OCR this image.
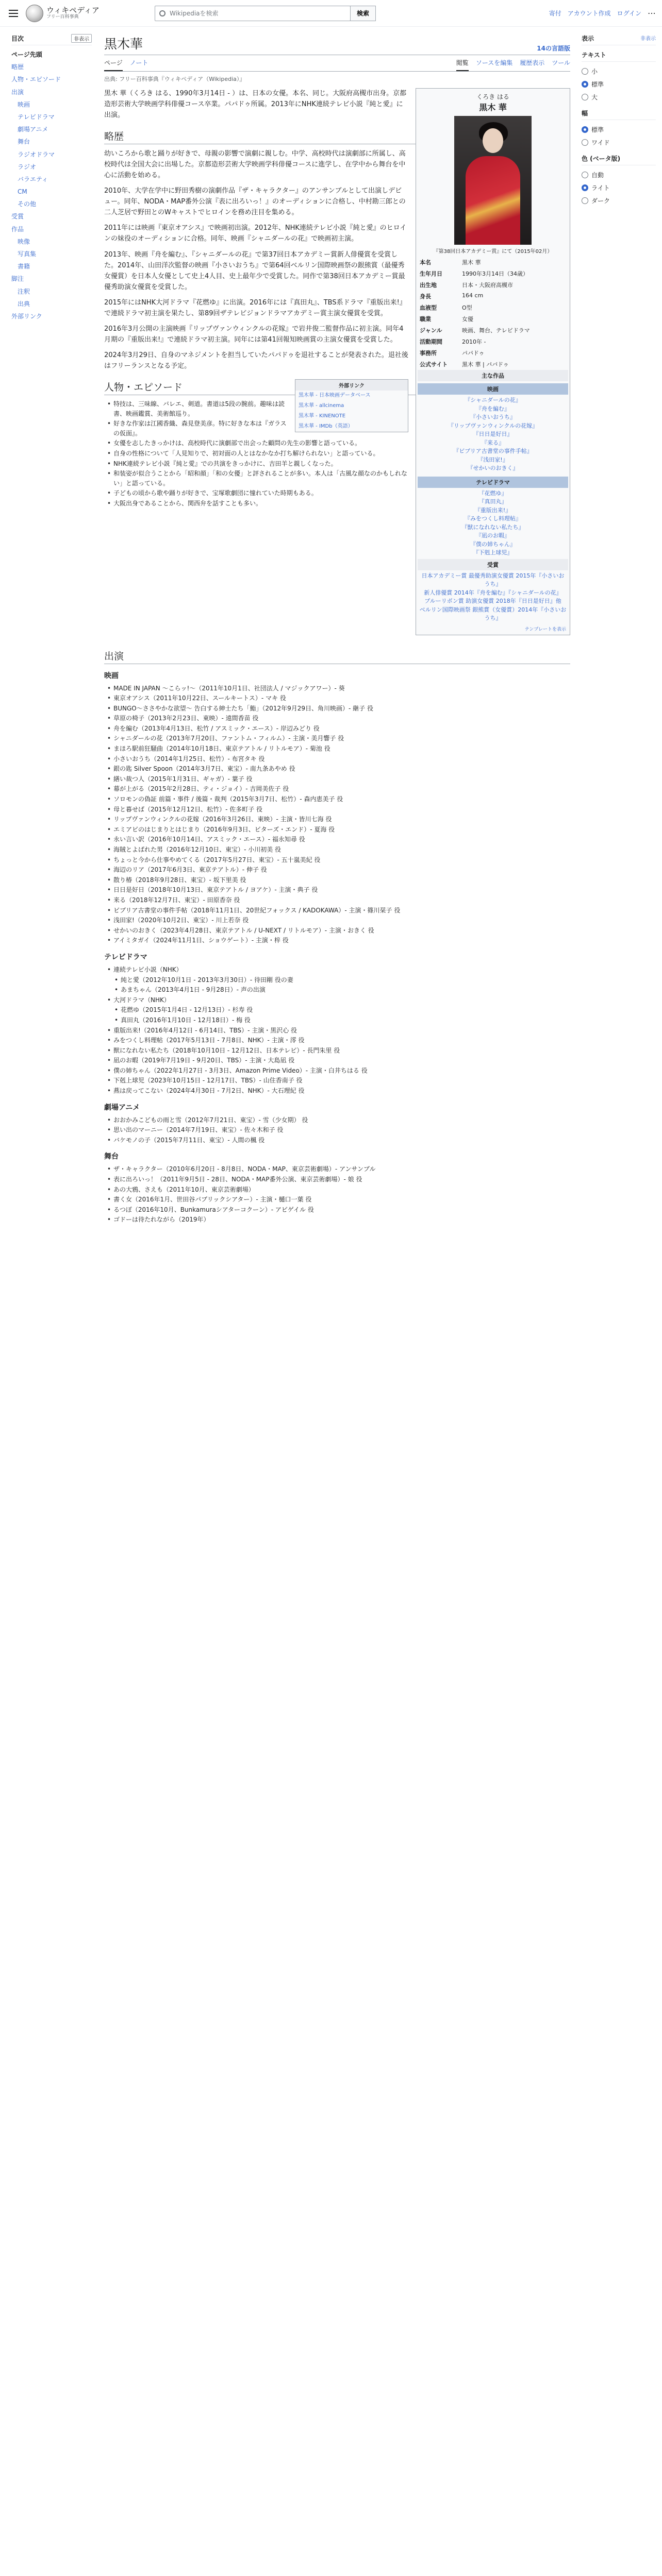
ウィキペディア
フリー百科事典	Wikipediaを検索	検索	寄付 アカウント作成 ログイン ⋯
目次	非表示
ページ先頭
略歴
人物・エピソード
出演
映画
テレビドラマ
劇場アニメ
舞台
ラジオドラマ
ラジオ
バラエティ
CM
その他
受賞
作品
映像
写真集
書籍
脚注
注釈
出典
外部リンク
黒木華	14の言語版
ページ ノート	閲覧 ソースを編集 履歴表示 ツール
出典: フリー百科事典『ウィキペディア（Wikipedia）』
くろき はる
黒木 華
『第38回日本アカデミー賞』にて（2015年02月）
本名	黒木 華
生年月日	1990年3月14日（34歳）
出生地	日本・大阪府高槻市
身長	164 cm
血液型	O型
職業	女優
ジャンル	映画、舞台、テレビドラマ
活動期間	2010年 -
事務所	パパドゥ
公式サイト	黒木 華 | パパドゥ
主な作品
映画
『シャニダールの花』
『舟を編む』
『小さいおうち』
『リップヴァンウィンクルの花嫁』
『日日是好日』
『来る』
『ビブリア古書堂の事件手帖』
『浅田家!』
『せかいのおきく』
テレビドラマ
『花燃ゆ』
『真田丸』
『重版出来!』
『みをつくし料理帖』
『獣になれない私たち』
『凪のお暇』
『僕の姉ちゃん』
『下剋上球児』
受賞
日本アカデミー賞 最優秀助演女優賞 2015年『小さいおうち』
新人俳優賞 2014年『舟を編む』『シャニダールの花』
ブルーリボン賞 助演女優賞 2018年『日日是好日』他
ベルリン国際映画祭 銀熊賞（女優賞）2014年『小さいおうち』
テンプレートを表示

黒木 華（くろき はる、1990年3月14日 - ）は、日本の女優。本名、同じ。大阪府高槻市出身。京都造形芸術大学映画学科俳優コース卒業。パパドゥ所属。2013年にNHK連続テレビ小説『純と愛』に出演。

略歴

幼いころから歌と踊りが好きで、母親の影響で演劇に親しむ。中学、高校時代は演劇部に所属し、高校時代は全国大会に出場した。京都造形芸術大学映画学科俳優コースに進学し、在学中から舞台を中心に活動を始める。

2010年、大学在学中に野田秀樹の演劇作品『ザ・キャラクター』のアンサンブルとして出演しデビュー。同年、NODA・MAP番外公演『表に出ろいっ！』のオーディションに合格し、中村勘三郎との二人芝居で野田とのWキャストでヒロインを務め注目を集める。

2011年には映画『東京オアシス』で映画初出演。2012年、NHK連続テレビ小説『純と愛』のヒロインの妹役のオーディションに合格。同年、映画『シャニダールの花』で映画初主演。

2013年、映画『舟を編む』、『シャニダールの花』で第37回日本アカデミー賞新人俳優賞を受賞した。2014年、山田洋次監督の映画『小さいおうち』で第64回ベルリン国際映画祭の銀熊賞（最優秀女優賞）を日本人女優として史上4人目、史上最年少で受賞した。同作で第38回日本アカデミー賞最優秀助演女優賞を受賞した。

2015年にはNHK大河ドラマ『花燃ゆ』に出演。2016年には『真田丸』、TBS系ドラマ『重版出来!』で連続ドラマ初主演を果たし、第89回ザテレビジョンドラマアカデミー賞主演女優賞を受賞。

2016年3月公開の主演映画『リップヴァンウィンクルの花嫁』で岩井俊二監督作品に初主演。同年4月期の『重版出来!』で連続ドラマ初主演。同年には第41回報知映画賞の主演女優賞を受賞した。

2024年3月29日、自身のマネジメントを担当していたパパドゥを退社することが発表された。退社後はフリーランスとなる予定。

外部リンク
黒木華 - 日本映画データベース
黒木華 - allcinema
黒木華 - KINENOTE
黒木華 - IMDb（英語）
人物・エピソード
• 特技は、三味線、バレエ、剣道。書道は5段の腕前。趣味は読書、映画鑑賞、美術館巡り。
• 好きな作家は江國香織、森見登美彦。特に好きな本は『ガラスの仮面』。
• 女優を志したきっかけは、高校時代に演劇部で出会った顧問の先生の影響と語っている。
• 自身の性格について「人見知りで、初対面の人とはなかなか打ち解けられない」と語っている。
• NHK連続テレビ小説『純と愛』での共演をきっかけに、吉田羊と親しくなった。
• 和装姿が似合うことから「昭和顔」「和の女優」と評されることが多い。本人は「古風な顔なのかもしれない」と語っている。
• 子どもの頃から歌や踊りが好きで、宝塚歌劇団に憧れていた時期もある。
• 大阪出身であることから、関西弁を話すことも多い。
出演
映画
• MADE IN JAPAN 〜こらッ!〜（2011年10月1日、社団法人 / マジックアワー）- 葵
• 東京オアシス（2011年10月22日、スールキートス）- マキ 役
• BUNGO〜ささやかな欲望〜 告白する紳士たち「鮨」（2012年9月29日、角川映画）- 継子 役
• 草原の椅子（2013年2月23日、東映）- 遠間香苗 役
• 舟を編む（2013年4月13日、松竹 / アスミック・エース）- 岸辺みどり 役
• シャニダールの花（2013年7月20日、ファントム・フィルム）- 主演・美月響子 役
• まほろ駅前狂騒曲（2014年10月18日、東京テアトル / リトルモア）- 菊池 役
• 小さいおうち（2014年1月25日、松竹）- 布宮タキ 役
• 銀の匙 Silver Spoon（2014年3月7日、東宝）- 南九条あやめ 役
• 繕い裁つ人（2015年1月31日、ギャガ）- 葉子 役
• 幕が上がる（2015年2月28日、ティ・ジョイ）- 吉岡美佐子 役
• ソロモンの偽証 前篇・事件 / 後篇・裁判（2015年3月7日、松竹）- 森内恵美子 役
• 母と暮せば（2015年12月12日、松竹）- 佐多町子 役
• リップヴァンウィンクルの花嫁（2016年3月26日、東映）- 主演・皆川七海 役
• エミアビのはじまりとはじまり（2016年9月3日、ビターズ・エンド）- 夏海 役
• 永い言い訳（2016年10月14日、アスミック・エース）- 福永知尋 役
• 海賊とよばれた男（2016年12月10日、東宝）- 小川初美 役
• ちょっと今から仕事やめてくる（2017年5月27日、東宝）- 五十嵐美紀 役
• 海辺のリア（2017年6月3日、東京テアトル）- 伸子 役
• 散り椿（2018年9月28日、東宝）- 坂下里美 役
• 日日是好日（2018年10月13日、東京テアトル / ヨアケ）- 主演・典子 役
• 来る（2018年12月7日、東宝）- 田原香奈 役
• ビブリア古書堂の事件手帖（2018年11月1日、20世紀フォックス / KADOKAWA）- 主演・篠川栞子 役
• 浅田家!（2020年10月2日、東宝）- 川上若奈 役
• せかいのおきく（2023年4月28日、東京テアトル / U-NEXT / リトルモア）- 主演・おきく 役
• アイミタガイ（2024年11月1日、ショウゲート）- 主演・梓 役
テレビドラマ
• 連続テレビ小説（NHK）
• 純と愛（2012年10月1日 - 2013年3月30日）- 待田剛 役の妻
• あまちゃん（2013年4月1日 - 9月28日）- 声の出演
• 大河ドラマ（NHK）
• 花燃ゆ（2015年1月4日 - 12月13日）- 杉寿 役
• 真田丸（2016年1月10日 - 12月18日）- 梅 役
• 重版出来!（2016年4月12日 - 6月14日、TBS）- 主演・黒沢心 役
• みをつくし料理帖（2017年5月13日 - 7月8日、NHK）- 主演・澪 役
• 獣になれない私たち（2018年10月10日 - 12月12日、日本テレビ）- 長門朱里 役
• 凪のお暇（2019年7月19日 - 9月20日、TBS）- 主演・大島凪 役
• 僕の姉ちゃん（2022年1月27日 - 3月3日、Amazon Prime Video）- 主演・白井ちはる 役
• 下剋上球児（2023年10月15日 - 12月17日、TBS）- 山住香南子 役
• 燕は戻ってこない（2024年4月30日 - 7月2日、NHK）- 大石理紀 役
劇場アニメ
• おおかみこどもの雨と雪（2012年7月21日、東宝）- 雪（少女期） 役
• 思い出のマーニー（2014年7月19日、東宝）- 佐々木和子 役
• バケモノの子（2015年7月11日、東宝）- 人間の楓 役
舞台
• ザ・キャラクター（2010年6月20日 - 8月8日、NODA・MAP、東京芸術劇場）- アンサンブル
• 表に出ろいっ！（2011年9月5日 - 28日、NODA・MAP番外公演、東京芸術劇場）- 娘 役
• あの大鴉、さえも（2011年10月、東京芸術劇場）
• 書く女（2016年1月、世田谷パブリックシアター）- 主演・樋口一葉 役
• るつぼ（2016年10月、Bunkamuraシアターコクーン）- アビゲイル 役
• ゴドーは待たれながら（2019年）
表示	非表示
テキスト
小
標準
大
幅
標準
ワイド
色 (ベータ版)
自動
ライト
ダーク
